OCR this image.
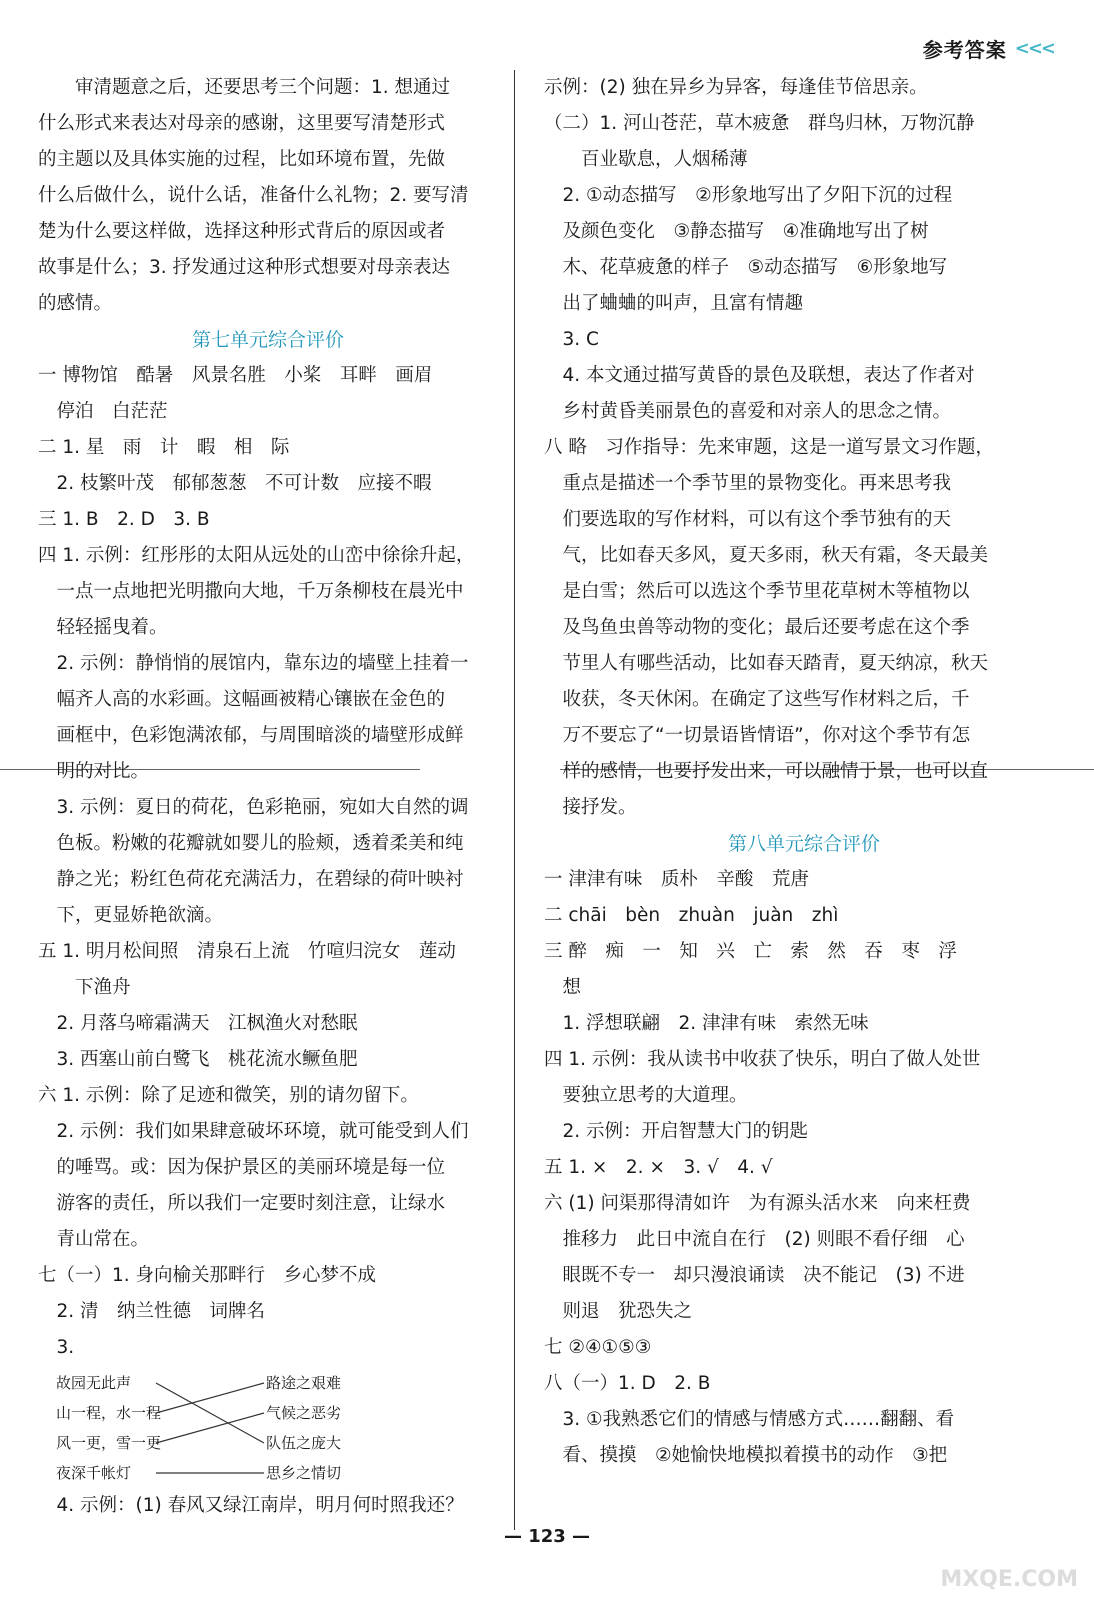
参考答案 <<<
　　审清题意之后，还要思考三个问题：1. 想通过
什么形式来表达对母亲的感谢，这里要写清楚形式
的主题以及具体实施的过程，比如环境布置，先做
什么后做什么，说什么话，准备什么礼物；2. 要写清
楚为什么要这样做，选择这种形式背后的原因或者
故事是什么；3. 抒发通过这种形式想要对母亲表达
的感情。
第七单元综合评价
一 博物馆　酷暑　风景名胜　小桨　耳畔　画眉
　停泊　白茫茫
二 1. 星　雨　计　暇　相　际
　2. 枝繁叶茂　郁郁葱葱　不可计数　应接不暇
三 1. B　2. D　3. B
四 1. 示例：红彤彤的太阳从远处的山峦中徐徐升起，
　一点一点地把光明撒向大地，千万条柳枝在晨光中
　轻轻摇曳着。
　2. 示例：静悄悄的展馆内，靠东边的墙壁上挂着一
　幅齐人高的水彩画。这幅画被精心镶嵌在金色的
　画框中，色彩饱满浓郁，与周围暗淡的墙壁形成鲜
　明的对比。
　3. 示例：夏日的荷花，色彩艳丽，宛如大自然的调
　色板。粉嫩的花瓣就如婴儿的脸颊，透着柔美和纯
　静之光；粉红色荷花充满活力，在碧绿的荷叶映衬
　下，更显娇艳欲滴。
五 1. 明月松间照　清泉石上流　竹喧归浣女　莲动
　　下渔舟
　2. 月落乌啼霜满天　江枫渔火对愁眠
　3. 西塞山前白鹭飞　桃花流水鳜鱼肥
六 1. 示例：除了足迹和微笑，别的请勿留下。
　2. 示例：我们如果肆意破坏环境，就可能受到人们
　的唾骂。或：因为保护景区的美丽环境是每一位
　游客的责任，所以我们一定要时刻注意，让绿水
　青山常在。
七（一）1. 身向榆关那畔行　乡心梦不成
　2. 清　纳兰性德　词牌名
　3.
故园无此声
山一程，水一程
风一更，雪一更
夜深千帐灯
路途之艰难
气候之恶劣
队伍之庞大
思乡之情切
　4. 示例：(1) 春风又绿江南岸，明月何时照我还？
示例：(2) 独在异乡为异客，每逢佳节倍思亲。
（二）1. 河山苍茫，草木疲惫　群鸟归林，万物沉静
　　百业歇息，人烟稀薄
　2. ①动态描写　②形象地写出了夕阳下沉的过程
　及颜色变化　③静态描写　④准确地写出了树
　木、花草疲惫的样子　⑤动态描写　⑥形象地写
　出了蛐蛐的叫声，且富有情趣
　3. C
　4. 本文通过描写黄昏的景色及联想，表达了作者对
　乡村黄昏美丽景色的喜爱和对亲人的思念之情。
八 略　习作指导：先来审题，这是一道写景文习作题，
　重点是描述一个季节里的景物变化。再来思考我
　们要选取的写作材料，可以有这个季节独有的天
　气，比如春天多风，夏天多雨，秋天有霜，冬天最美
　是白雪；然后可以选这个季节里花草树木等植物以
　及鸟鱼虫兽等动物的变化；最后还要考虑在这个季
　节里人有哪些活动，比如春天踏青，夏天纳凉，秋天
　收获，冬天休闲。在确定了这些写作材料之后，千
　万不要忘了“一切景语皆情语”，你对这个季节有怎
　样的感情，也要抒发出来，可以融情于景，也可以直
　接抒发。
第八单元综合评价
一 津津有味　质朴　辛酸　荒唐
二 chāi　bèn　zhuàn　juàn　zhì
三 醉　痴　一　知　兴　亡　索　然　吞　枣　浮
　想
　1. 浮想联翩　2. 津津有味　索然无味
四 1. 示例：我从读书中收获了快乐，明白了做人处世
　要独立思考的大道理。
　2. 示例：开启智慧大门的钥匙
五 1. ×　2. ×　3. √　4. √
六 (1) 问渠那得清如许　为有源头活水来　向来枉费
　推移力　此日中流自在行　(2) 则眼不看仔细　心
　眼既不专一　却只漫浪诵读　决不能记　(3) 不进
　则退　犹恐失之
七 ②④①⑤③
八（一）1. D　2. B
　3. ①我熟悉它们的情感与情感方式……翻翻、看
　看、摸摸　②她愉快地模拟着摸书的动作　③把
— 123 —
MXQE.COM
